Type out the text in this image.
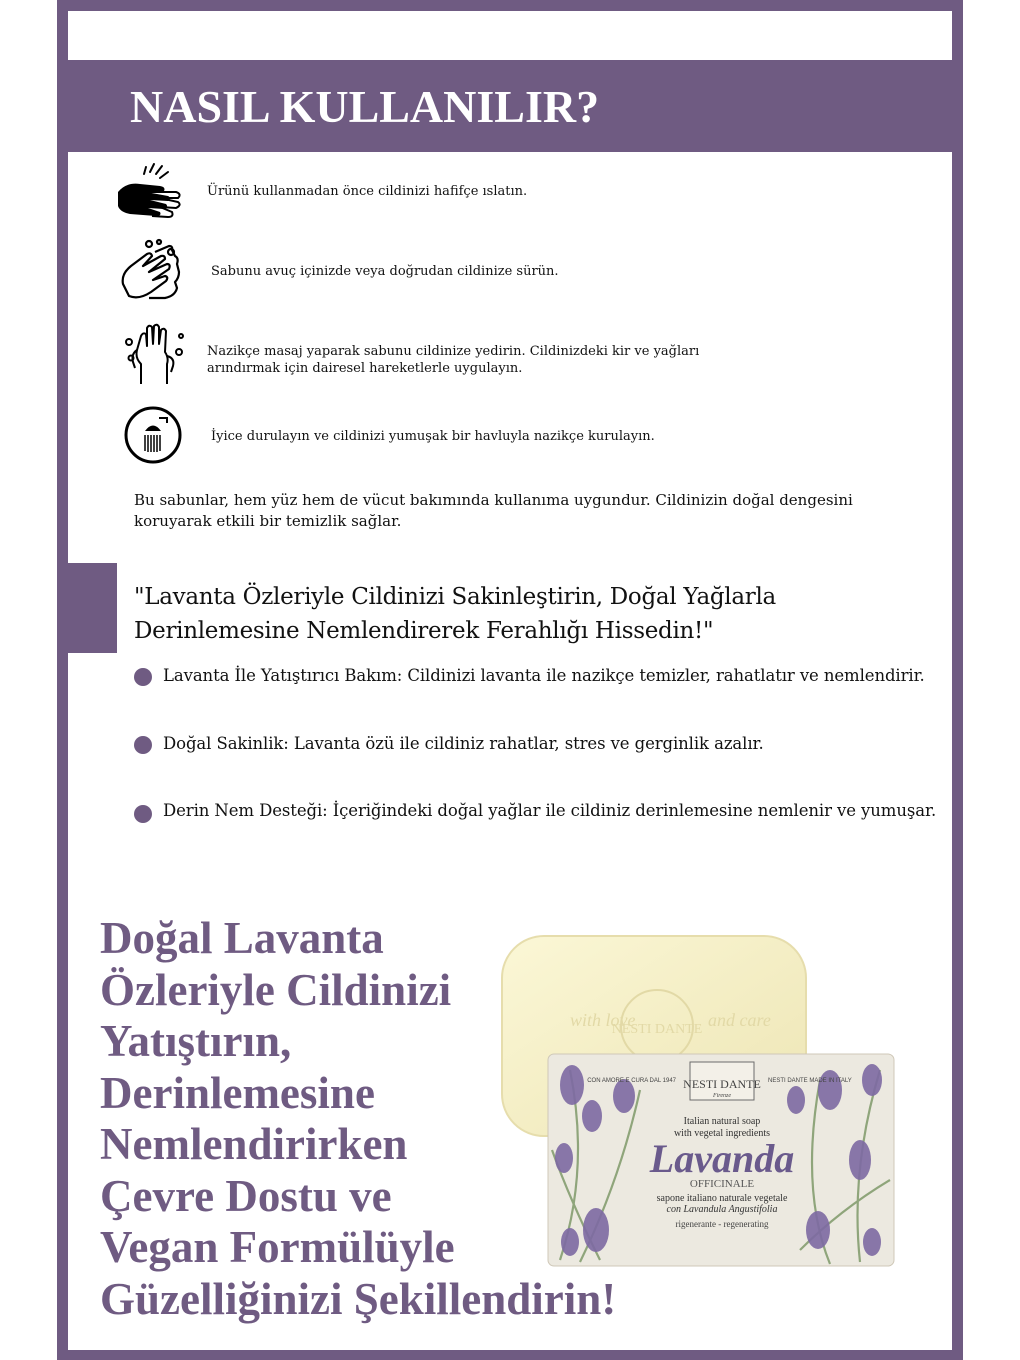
NASIL KULLANILIR?
Ürünü kullanmadan önce cildinizi hafifçe ıslatın.
Sabunu avuç içinizde veya doğrudan cildinize sürün.
Nazikçe masaj yaparak sabunu cildinize yedirin. Cildinizdeki kir ve yağları arındırmak için dairesel hareketlerle uygulayın.
İyice durulayın ve cildinizi yumuşak bir havluyla nazikçe kurulayın.
Bu sabunlar, hem yüz hem de vücut bakımında kullanıma uygundur. Cildinizin doğal dengesini koruyarak etkili bir temizlik sağlar.
"Lavanta Özleriyle Cildinizi Sakinleştirin, Doğal Yağlarla Derinlemesine Nemlendirerek Ferahlığı Hissedin!"
Lavanta İle Yatıştırıcı Bakım: Cildinizi lavanta ile nazikçe temizler, rahatlatır ve nemlendirir.
Doğal Sakinlik: Lavanta özü ile cildiniz rahatlar, stres ve gerginlik azalır.
Derin Nem Desteği: İçeriğindeki doğal yağlar ile cildiniz derinlemesine nemlenir ve yumuşar.
Doğal Lavanta
Özleriyle Cildinizi
Yatıştırın,
Derinlemesine
Nemlendirirken
Çevre Dostu ve
Vegan Formülüyle
Güzelliğinizi Şekillendirin!
with love	and care
NESTI DANTE
NESTI DANTE
Firenze
CON AMORE E CURA DAL 1947	NESTI DANTE MADE IN ITALY
Italian natural soap
with vegetal ingredients
Lavanda
OFFICINALE
sapone italiano naturale vegetale
con Lavandula Angustifolia
rigenerante - regenerating
